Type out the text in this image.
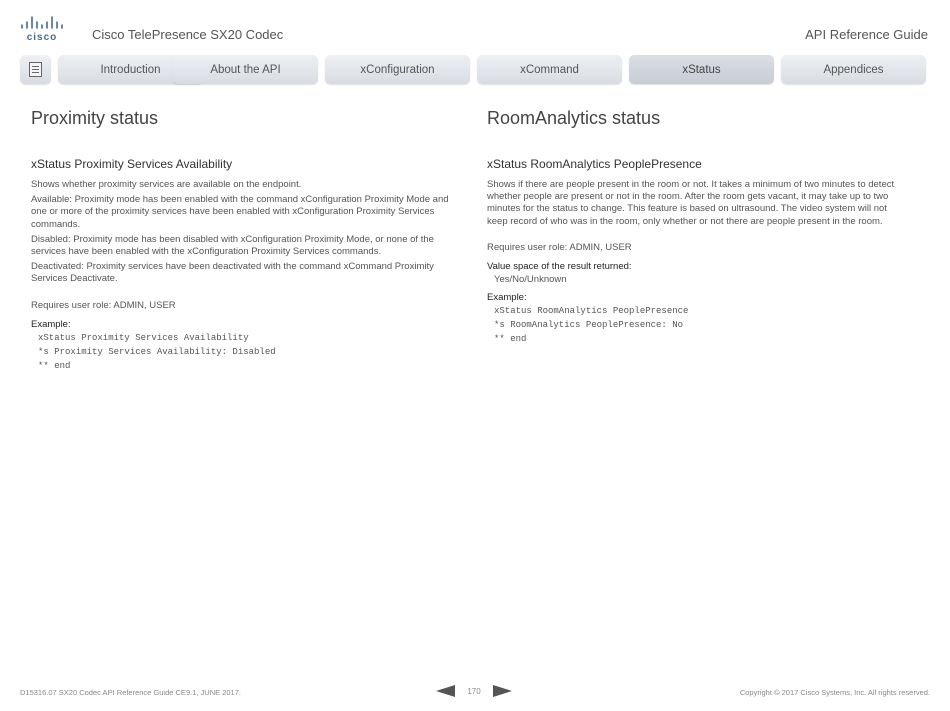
cisco	Cisco TelePresence SX20 Codec	API Reference Guide
Introduction	About the API	xConfiguration	xCommand	xStatus	Appendices
Proximity status
xStatus Proximity Services Availability

Shows whether proximity services are available on the endpoint.

Available: Proximity mode has been enabled with the command xConfiguration Proximity Mode and one or more of the proximity services have been enabled with xConfiguration Proximity Services commands.

Disabled: Proximity mode has been disabled with xConfiguration Proximity Mode, or none of the services have been enabled with the xConfiguration Proximity Services commands.

Deactivated: Proximity services have been deactivated with the command xCommand Proximity Services Deactivate.

Requires user role: ADMIN, USER

Example:
xStatus Proximity Services Availability
*s Proximity Services Availability: Disabled
** end
RoomAnalytics status
xStatus RoomAnalytics PeoplePresence

Shows if there are people present in the room or not. It takes a minimum of two minutes to detect whether people are present or not in the room. After the room gets vacant, it may take up to two minutes for the status to change. This feature is based on ultrasound. The video system will not keep record of who was in the room, only whether or not there are people present in the room.

Requires user role: ADMIN, USER

Value space of the result returned:
Yes/No/Unknown
Example:
xStatus RoomAnalytics PeoplePresence
*s RoomAnalytics PeoplePresence: No
** end
D15316.07 SX20 Codec API Reference Guide CE9.1, JUNE 2017.	170	Copyright © 2017 Cisco Systems, Inc. All rights reserved.
